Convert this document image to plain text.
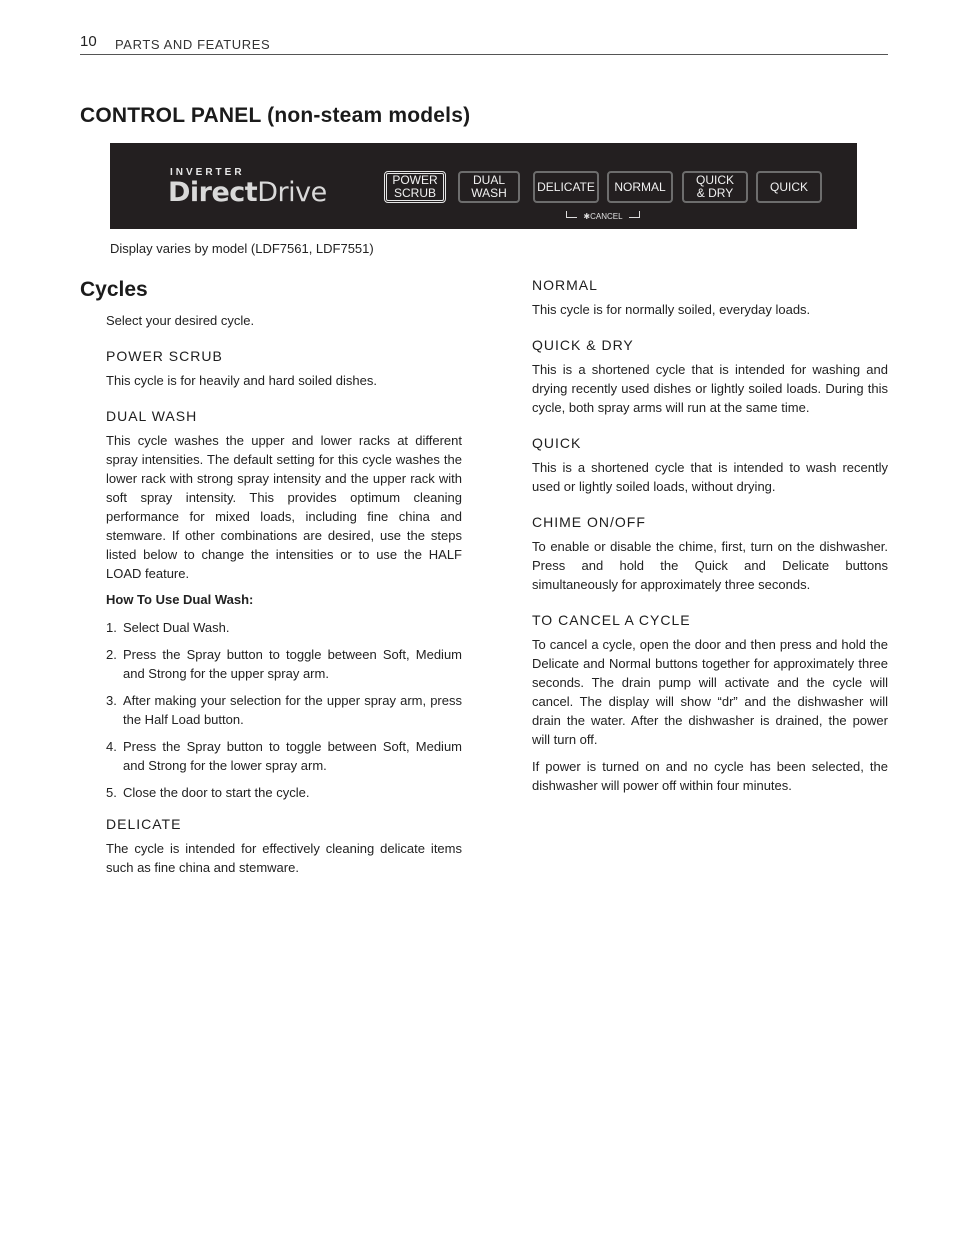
10 PARTS AND FEATURES
CONTROL PANEL (non-steam models)
INVERTER
DirectDrive	POWER
SCRUB
DUAL
WASH	DELICATE	NORMAL	QUICK
& DRY	QUICK
✱CANCEL
Display varies by model (LDF7561, LDF7551)
Cycles

Select your desired cycle.

POWER SCRUB

This cycle is for heavily and hard soiled dishes.

DUAL WASH

This cycle washes the upper and lower racks at different spray intensities. The default setting for this cycle washes the lower rack with strong spray intensity and the upper rack with soft spray intensity. This provides optimum cleaning performance for mixed loads, including fine china and stemware. If other combinations are desired, use the steps listed below to change the intensities or to use the HALF LOAD feature.

How To Use Dual Wash:

1. Select Dual Wash.
2. Press the Spray button to toggle between Soft, Medium and Strong for the upper spray arm.
3. After making your selection for the upper spray arm, press the Half Load button.
4. Press the Spray button to toggle between Soft, Medium and Strong for the lower spray arm.
5. Close the door to start the cycle.
DELICATE

The cycle is intended for effectively cleaning delicate items such as fine china and stemware.

NORMAL

This cycle is for normally soiled, everyday loads.

QUICK & DRY

This is a shortened cycle that is intended for washing and drying recently used dishes or lightly soiled loads. During this cycle, both spray arms will run at the same time.

QUICK

This is a shortened cycle that is intended to wash recently used or lightly soiled loads, without drying.

CHIME ON/OFF

To enable or disable the chime, first, turn on the dishwasher. Press and hold the Quick and Delicate buttons simultaneously for approximately three seconds.

TO CANCEL A CYCLE

To cancel a cycle, open the door and then press and hold the Delicate and Normal buttons together for approximately three seconds. The drain pump will activate and the cycle will cancel. The display will show “dr” and the dishwasher will drain the water. After the dishwasher is drained, the power will turn off.

If power is turned on and no cycle has been selected, the dishwasher will power off within four minutes.
